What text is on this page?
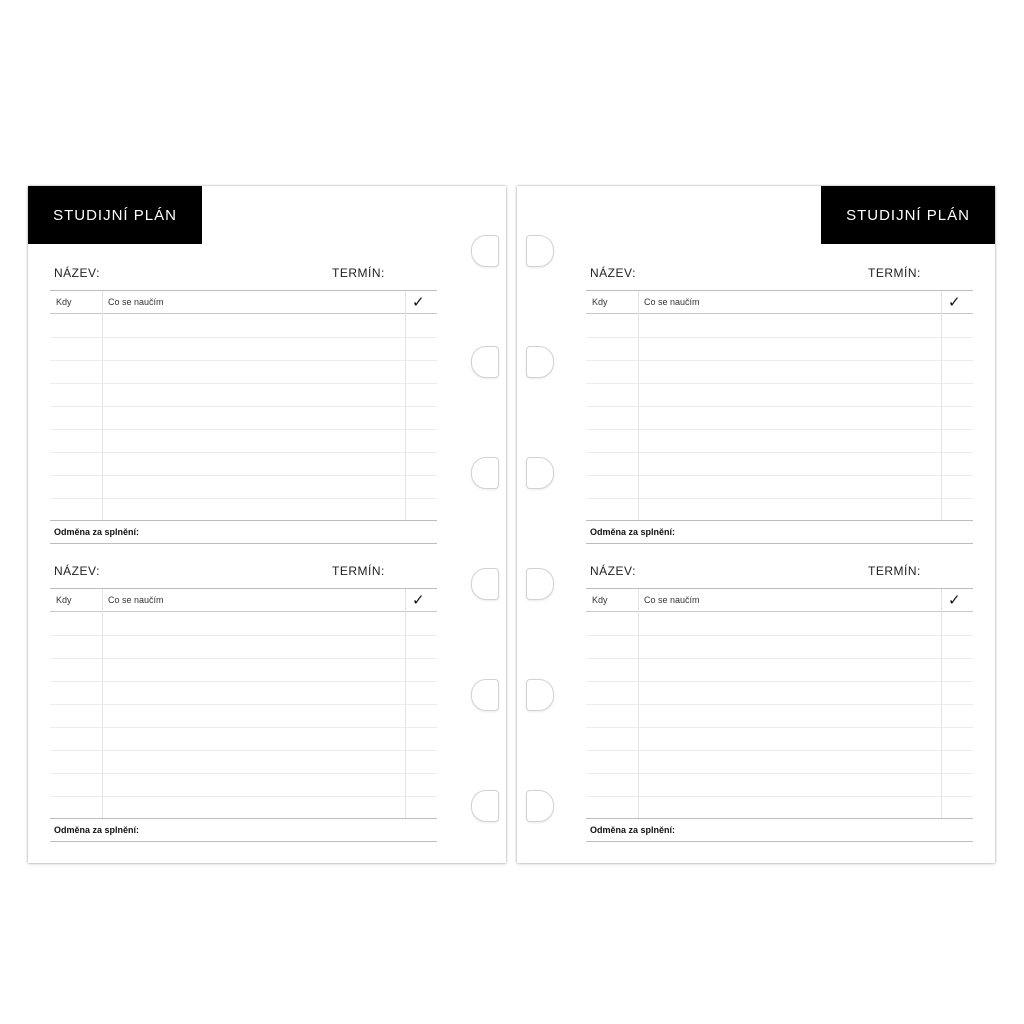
STUDIJNÍ PLÁN
NÁZEV:	TERMÍN:
Kdy	Co se naučím	✓
Odměna za splnění:
NÁZEV:	TERMÍN:
Kdy	Co se naučím	✓
Odměna za splnění:
STUDIJNÍ PLÁN
NÁZEV:	TERMÍN:
Kdy	Co se naučím	✓
Odměna za splnění:
NÁZEV:	TERMÍN:
Kdy	Co se naučím	✓
Odměna za splnění:
